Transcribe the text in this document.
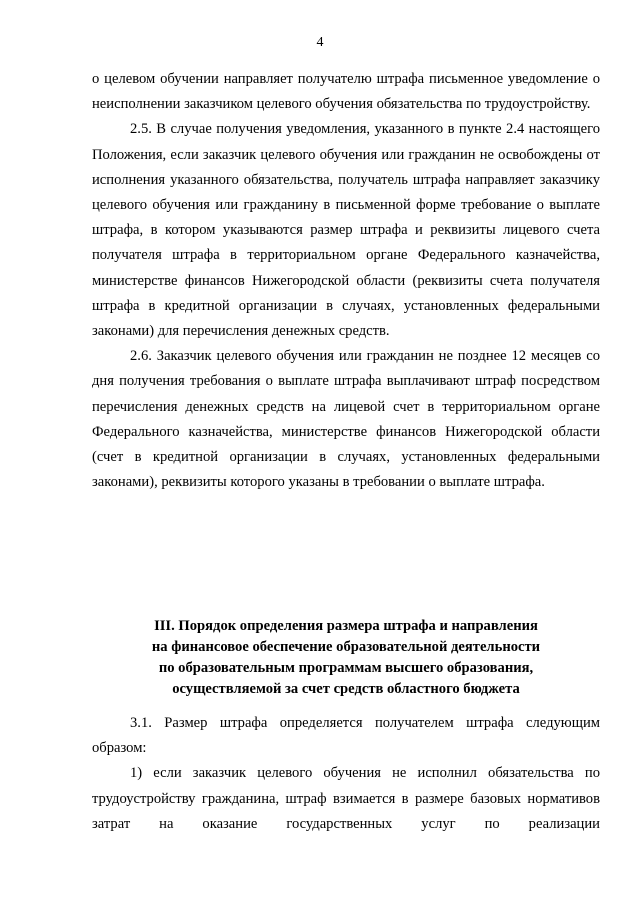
4

о целевом обучении направляет получателю штрафа письменное уведомление о неисполнении заказчиком целевого обучения обязательства по трудоустройству.

2.5. В случае получения уведомления, указанного в пункте 2.4 настоящего Положения, если заказчик целевого обучения или гражданин не освобождены от исполнения указанного обязательства, получатель штрафа направляет заказчику целевого обучения или гражданину в письменной форме требование о выплате штрафа, в котором указываются размер штрафа и реквизиты лицевого счета получателя штрафа в территориальном органе Федерального казначейства, министерстве финансов Нижегородской области (реквизиты счета получателя штрафа в кредитной организации в случаях, установленных федеральными законами) для перечисления денежных средств.

2.6. Заказчик целевого обучения или гражданин не позднее 12 месяцев со дня получения требования о выплате штрафа выплачивают штраф посредством перечисления денежных средств на лицевой счет в территориальном органе Федерального казначейства, министерстве финансов Нижегородской области (счет в кредитной организации в случаях, установленных федеральными законами), реквизиты которого указаны в требовании о выплате штрафа.

III. Порядок определения размера штрафа и направления
на финансовое обеспечение образовательной деятельности
по образовательным программам высшего образования,
осуществляемой за счет средств областного бюджета

3.1. Размер штрафа определяется получателем штрафа следующим образом:

1) если заказчик целевого обучения не исполнил обязательства по трудоустройству гражданина, штраф взимается в размере базовых нормативов затрат на оказание государственных услуг по реализации
